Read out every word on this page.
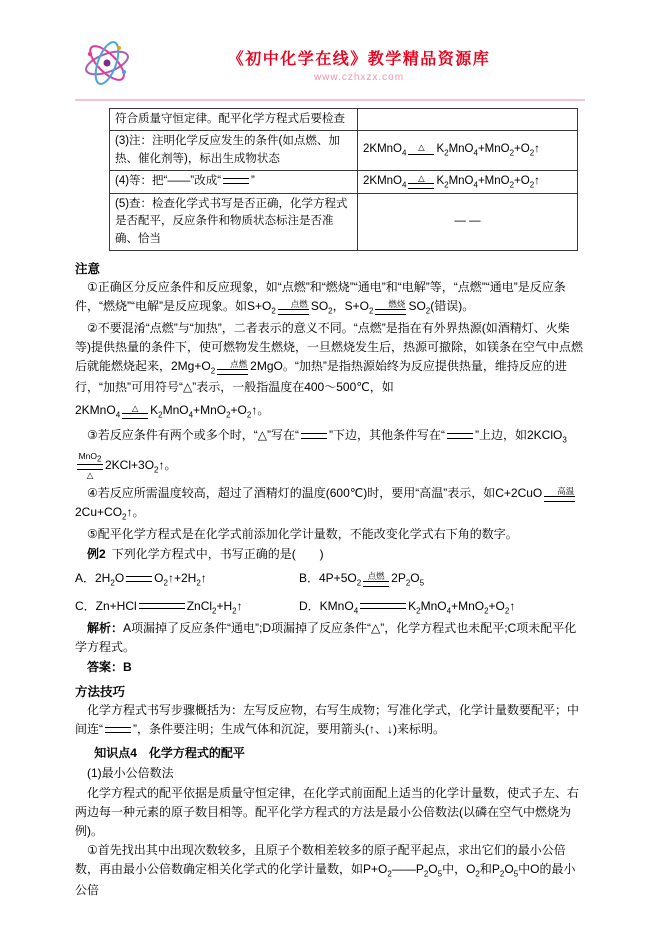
《初中化学在线》教学精品资源库
www.czhxzx.com
符合质量守恒定律。配平化学方程式后要检查	
(3)注：注明化学反应发生的条件(如点燃、加热、催化剂等)，标出生成物状态	2KMnO$_4$
△ $K_2MnO_4+MnO_2+O_2↑$
(4)等：把“——”改成“ ”	2KMnO$_4$
△ $K_2MnO_4+MnO_2+O_2↑$
(5)查：检查化学式书写是否正确，化学方程式是否配平，反应条件和物质状态标注是否准确、恰当	— —
注意

①正确区分反应条件和反应现象，如“点燃”和“燃烧”“通电”和“电解”等，“点燃”“通电”是反应条件，“燃烧”“电解”是反应现象。如$S+O_2$
点燃 $SO_2$，$S+O_2$
燃烧 $SO_2$(错误)。

②不要混淆“点燃”与“加热”，二者表示的意义不同。“点燃”是指在有外界热源(如酒精灯、火柴等)提供热量的条件下，使可燃物发生燃烧，一旦燃烧发生后，热源可撤除，如镁条在空气中点燃后就能燃烧起来，$2Mg+O_2$
点燃 2MgO。“加热”是指热源始终为反应提供热量，维持反应的进行，“加热”可用符号“△”表示，一般指温度在400～500℃，如

2KMnO$_4$
△ $K_2MnO_4+MnO_2+O_2↑$。

③若反应条件有两个或多个时，“△”写在“	”下边，其他条件写在“	”上边，如2KClO$_3$

MnO$_2$
△
$2KCl+3O_2↑$。

④若反应所需温度较高，超过了酒精灯的温度(600℃)时，要用“高温”表示，如C+2CuO	高温
$2Cu+CO_2↑$。

⑤配平化学方程式是在化学式前添加化学计量数，不能改变化学式右下角的数字。

例2 下列化学方程式中，书写正确的是(　　)

A．$2H_2O$	$O_2↑+2H_2↑$	B．$4P+5O_2$
点燃 $2P_2O_5$
C．Zn+HCl	$ZnCl_2+H_2↑$	D．KMnO$_4$	$K_2MnO_4+MnO_2+O_2↑$

解析：A项漏掉了反应条件“通电”;D项漏掉了反应条件“△”，化学方程式也未配平;C项未配平化学方程式。

答案：B

方法技巧

化学方程式书写步骤概括为：左写反应物，右写生成物；写准化学式，化学计量数要配平；中间连“	”，条件要注明；生成气体和沉淀，要用箭头(↑、↓)来标明。

知识点4　化学方程式的配平

(1)最小公倍数法

化学方程式的配平依据是质量守恒定律，在化学式前面配上适当的化学计量数，使式子左、右两边每一种元素的原子数目相等。配平化学方程式的方法是最小公倍数法(以磷在空气中燃烧为例)。

①首先找出其中出现次数较多，且原子个数相差较多的原子配平起点，求出它们的最小公倍数，再由最小公倍数确定相关化学式的化学计量数，如$P+O_2——P_2O_5$中，$O_2$和$P_2O_5$中O的最小公倍
